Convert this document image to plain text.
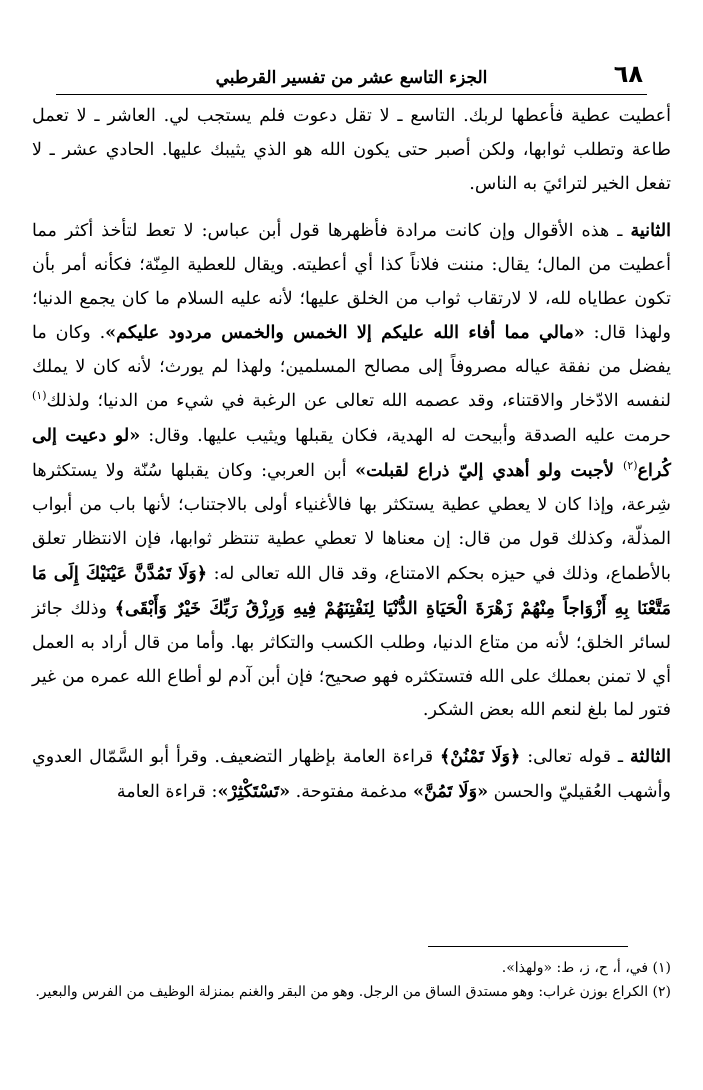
٦٨
الجزء التاسع عشر من تفسير القرطبي

أعطيت عطية فأعطها لربك. التاسع ـ لا تقل دعوت فلم يستجب لي. العاشر ـ لا تعمل طاعة وتطلب ثوابها، ولكن أصبر حتى يكون الله هو الذي يثيبك عليها. الحادي عشر ـ لا تفعل الخير لترائيَ به الناس.

الثانية ـ هذه الأقوال وإن كانت مرادة فأظهرها قول أبن عباس: لا تعط لتأخذ أكثر مما أعطيت من المال؛ يقال: مننت فلاناً كذا أي أعطيته. ويقال للعطية المِنّة؛ فكأنه أمر بأن تكون عطاياه لله، لا لارتقاب ثواب من الخلق عليها؛ لأنه عليه السلام ما كان يجمع الدنيا؛ ولهذا قال: «مالي مما أفاء الله عليكم إلا الخمس والخمس مردود عليكم». وكان ما يفضل من نفقة عياله مصروفاً إلى مصالح المسلمين؛ ولهذا لم يورث؛ لأنه كان لا يملك لنفسه الادّخار والاقتناء، وقد عصمه الله تعالى عن الرغبة في شيء من الدنيا؛ ولذلك$^{(١)}$ حرمت عليه الصدقة وأبيحت له الهدية، فكان يقبلها ويثيب عليها. وقال: «لو دعيت إلى كُراع$^{(٢)}$ لأجبت ولو أهدي إليّ ذراع لقبلت» أبن العربي: وكان يقبلها سُنّة ولا يستكثرها شِرعة، وإذا كان لا يعطي عطية يستكثر بها فالأغنياء أولى بالاجتناب؛ لأنها باب من أبواب المذلّة، وكذلك قول من قال: إن معناها لا تعطي عطية تنتظر ثوابها، فإن الانتظار تعلق بالأطماع، وذلك في حيزه بحكم الامتناع، وقد قال الله تعالى له: ﴿وَلَا تَمُدَّنَّ عَيْنَيْكَ إِلَى مَا مَتَّعْنَا بِهِ أَزْوَاجاً مِنْهُمْ زَهْرَةَ الْحَيَاةِ الدُّنْيَا لِنَفْتِنَهُمْ فِيهِ وَرِزْقُ رَبِّكَ خَيْرٌ وَأَبْقَى﴾ وذلك جائز لسائر الخلق؛ لأنه من متاع الدنيا، وطلب الكسب والتكاثر بها. وأما من قال أراد به العمل أي لا تمنن بعملك على الله فتستكثره فهو صحيح؛ فإن أبن آدم لو أطاع الله عمره من غير فتور لما بلغ لنعم الله بعض الشكر.

الثالثة ـ قوله تعالى: ﴿وَلَا تَمْنُنْ﴾ قراءة العامة بإظهار التضعيف. وقرأ أبو السَّمّال العدوي وأشهب العُقيليّ والحسن «وَلَا تَمُنَّ» مدغمة مفتوحة. «تَسْتَكْثِرْ»: قراءة العامة

(١) في، أ، ح، ز، ط: «ولهذا».

(٢) الكراع بوزن غراب: وهو مستدق الساق من الرجل. وهو من البقر والغنم بمنزلة الوظيف من الفرس والبعير.
